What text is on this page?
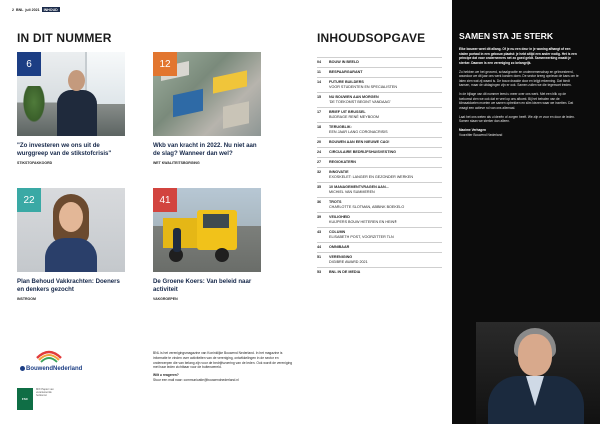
2 BNL juli 2021	INHOUD
IN DIT NUMMER
6
"Zo investeren we ons uit de wurggreep van de stikstofcrisis"
STIKSTOFAKKOORD
12
Wkb van kracht in 2022. Nu niet aan de slag? Wanneer dan wel?
WET KWALITEITSBORGING
22
Plan Behoud Vakkrachten: Doeners en denkers gezocht
INSTROOM
41
De Groene Koers: Van beleid naar activiteit
VAKGROEPEN
BouwendNederland
FSC
MIX Papier van verantwoorde herkomst

BNL is het verenigingsmagazine van Koninklijke Bouwend Nederland. In het magazine is informatie te vinden over activiteiten van de vereniging, ontwikkelingen in de sector en onderwerpen die van belang zijn voor de bedrijfsvoering van de leden. Ook wordt de vereniging met haar leden zichtbaar voor de buitenwereld.

Wilt u reageren?

Stuur een mail naar: communicatie@bouwendnederland.nl

INHOUDSOPGAVE
04	BOUW IN BEELD
11	BESPAARGARANT
14	FUTURE BUILDERS
VOOR STUDENTEN EN SPECIALISTEN
15	NU BOUWEN AAN MORGEN
'DE TOEKOMST BEGINT VANDAAG'
17	BRIEF UIT BRUSSEL
BIJDRAGE RENÉ MEYBOOM
18	TERUGBLIK:
EEN JAAR LANG CORONACRISIS
20	BOUWEN AAN EEN NIEUWE CAO!
24	CIRCULAIRE BEDRIJFSHUISVESTING
27	REGIOKATERN
32	INNOVATIE
EXOSKELET: LANGER EN GEZONDER WERKEN
35	10 MANAGEMENTVRAGEN AAN...
MICHIEL VAN SUMMEREN
36	TROTS
CHARLOTTE SLOTMAN, ABBINK BOEKELO
39	VEILIGHEID
KUIJPERS BOUW HETEREN EN HEIN®
43	COLUMN
ELISABETH POST, VOORZITTER TLN
44	OMNIBAAR
51	VERENIGING
DIGIBRE AWARD 2021
53	BNL IN DE MEDIA
SAMEN STA JE STERK

Elke bouwer weet dit allang. Of je nu een deur in je woning afhangt of een stalen portaal in een gebouw plaatst: je hebt altijd een ander nodig. Het is een principe dat voor ondernemers net zo goed geldt. Samenwerking maakt je sterker. Daarom is een vereniging zo belangrijk.

Zo hebben we het gevoerd, schaalgrootte en ondernemerschap en geïnvesteerd, waardoor we dit jaar ons werk konden doen. De sector kreeg opnieuw de kans om te laten zien wat zij waard is. De bouw draaide door en krijgt erkenning. Dat biedt kansen, maar de uitdagingen zijn er ook. Samen zullen we die tegemoet treden.

In de bijlage van dit nummer leest u meer over ons werk. Met een blik op de toekomst zien we ook dat er veel op ons afkomt. Bij het behalen van de klimaatdoelen moeten we samen optrekken en slim kiezen waar we inzetten. Dat vraagt een actieve rol van ons allemaal.

Laat het ons weten als u ideeën of zorgen heeft. We zijn er voor en door de leden. Samen staan we sterker dan alleen.

Maxime Verhagen
Voorzitter Bouwend Nederland
